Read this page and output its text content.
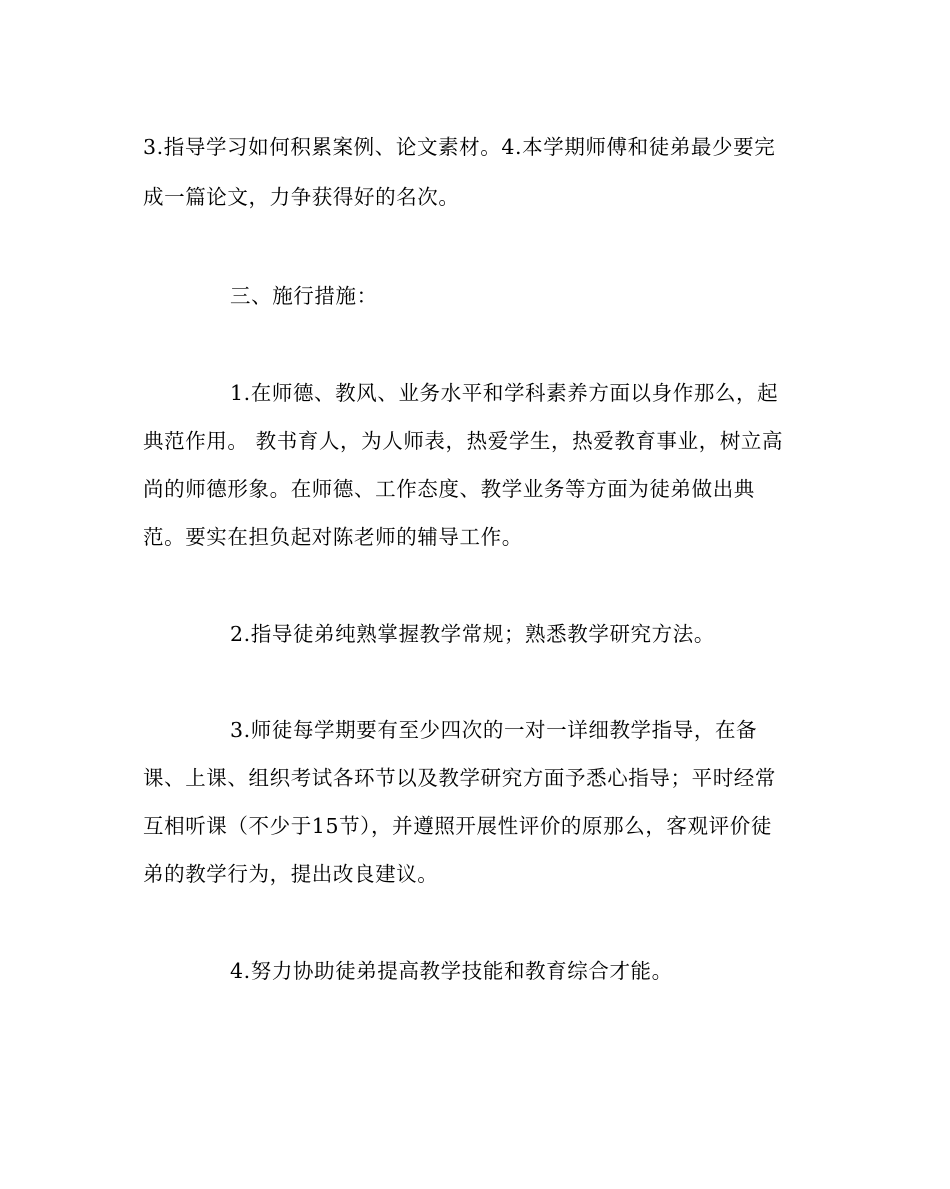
3.指导学习如何积累案例、论文素材。4.本学期师傅和徒弟最少要完
成一篇论文，力争获得好的名次。
三、施行措施：
1.在师德、教风、业务水平和学科素养方面以身作那么，起
典范作用。 教书育人，为人师表，热爱学生，热爱教育事业，树立高
尚的师德形象。在师德、工作态度、教学业务等方面为徒弟做出典
范。要实在担负起对陈老师的辅导工作。
2.指导徒弟纯熟掌握教学常规；熟悉教学研究方法。
3.师徒每学期要有至少四次的一对一详细教学指导，在备
课、上课、组织考试各环节以及教学研究方面予悉心指导；平时经常
互相听课（不少于15节），并遵照开展性评价的原那么，客观评价徒
弟的教学行为，提出改良建议。
4.努力协助徒弟提高教学技能和教育综合才能。
